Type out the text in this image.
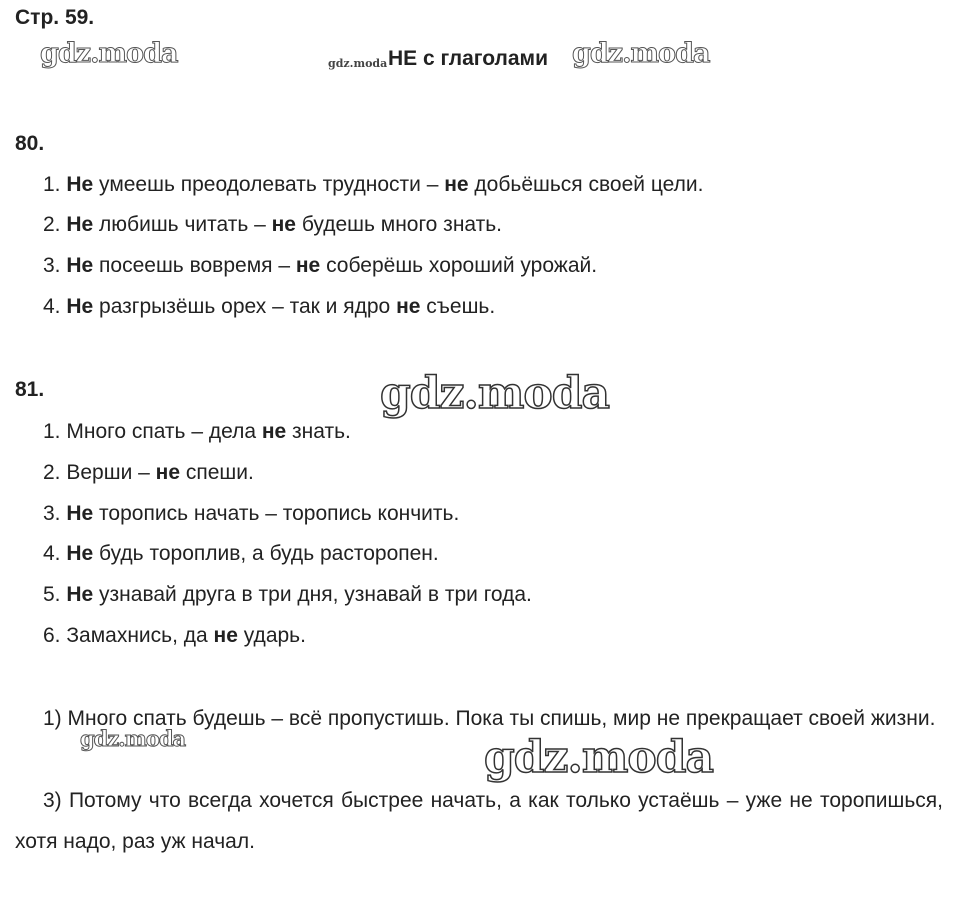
Стр. 59.
gdz.moda	gdz.moda НЕ с глаголами gdz.moda
80.
1. Не умеешь преодолевать трудности – не добьёшься своей цели.
2. Не любишь читать – не будешь много знать.
3. Не посеешь вовремя – не соберёшь хороший урожай.
4. Не разгрызёшь орех – так и ядро не съешь.
81.	gdz.moda
1. Много спать – дела не знать.
2. Верши – не спеши.
3. Не торопись начать – торопись кончить.
4. Не будь тороплив, а будь расторопен.
5. Не узнавай друга в три дня, узнавай в три года.
6. Замахнись, да не ударь.
1) Много спать будешь – всё пропустишь. Пока ты спишь, мир не прекращает своей жизни.
gdz.moda	gdz.moda
3) Потому что всегда хочется быстрее начать, а как только устаёшь – уже не торопишься, хотя надо, раз уж начал.
